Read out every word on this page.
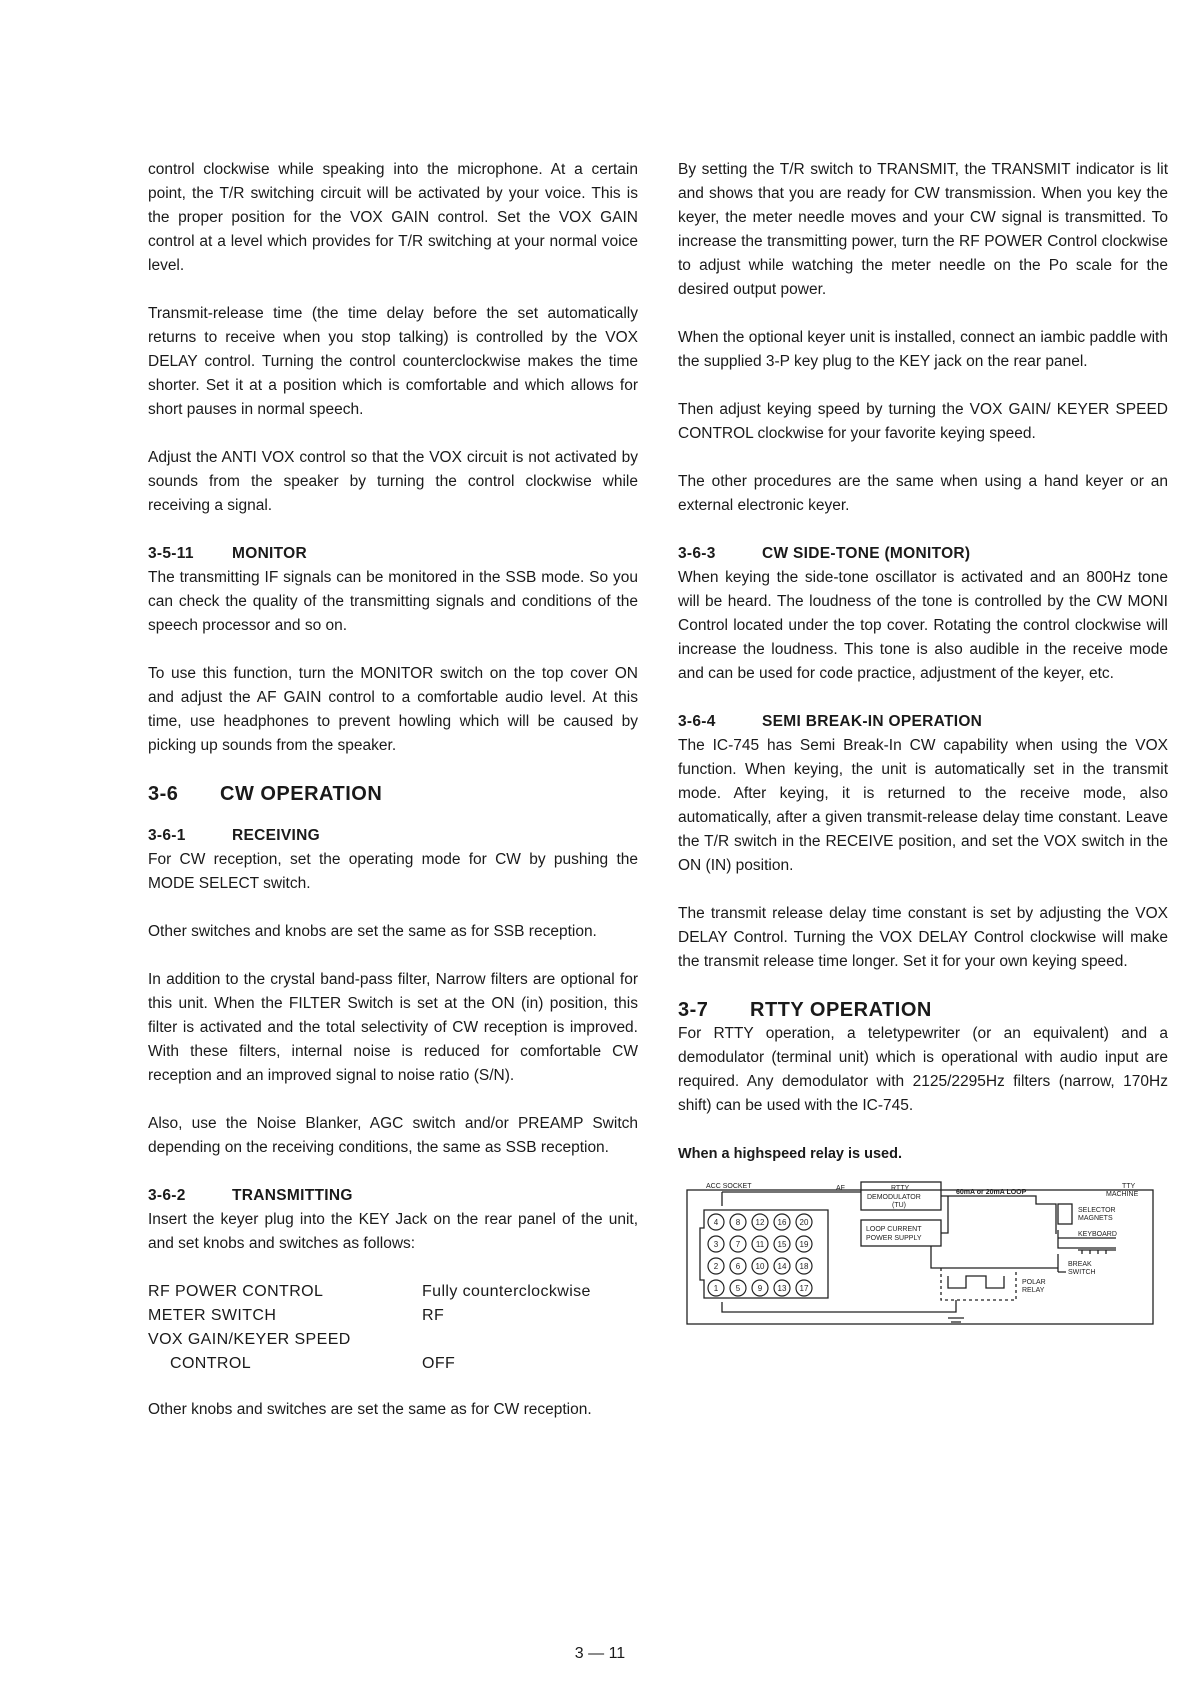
control clockwise while speaking into the microphone. At a certain point, the T/R switching circuit will be activated by your voice. This is the proper position for the VOX GAIN control. Set the VOX GAIN control at a level which provides for T/R switching at your normal voice level.

Transmit-release time (the time delay before the set automatically returns to receive when you stop talking) is controlled by the VOX DELAY control. Turning the control counterclockwise makes the time shorter. Set it at a position which is comfortable and which allows for short pauses in normal speech.

Adjust the ANTI VOX control so that the VOX circuit is not activated by sounds from the speaker by turning the control clockwise while receiving a signal.

3-5-11 MONITOR

The transmitting IF signals can be monitored in the SSB mode. So you can check the quality of the transmitting signals and conditions of the speech processor and so on.

To use this function, turn the MONITOR switch on the top cover ON and adjust the AF GAIN control to a comfortable audio level. At this time, use headphones to prevent howling which will be caused by picking up sounds from the speaker.

3-6 CW OPERATION
3-6-1	RECEIVING

For CW reception, set the operating mode for CW by pushing the MODE SELECT switch.

Other switches and knobs are set the same as for SSB reception.

In addition to the crystal band-pass filter, Narrow filters are optional for this unit. When the FILTER Switch is set at the ON (in) position, this filter is activated and the total selectivity of CW reception is improved. With these filters, internal noise is reduced for comfortable CW reception and an improved signal to noise ratio (S/N).

Also, use the Noise Blanker, AGC switch and/or PREAMP Switch depending on the receiving conditions, the same as SSB reception.

3-6-2	TRANSMITTING

Insert the keyer plug into the KEY Jack on the rear panel of the unit, and set knobs and switches as follows:

RF POWER CONTROL	Fully counterclockwise
METER SWITCH	RF
VOX GAIN/KEYER SPEED	
CONTROL	OFF

Other knobs and switches are set the same as for CW reception.

By setting the T/R switch to TRANSMIT, the TRANSMIT indicator is lit and shows that you are ready for CW transmission. When you key the keyer, the meter needle moves and your CW signal is transmitted. To increase the transmitting power, turn the RF POWER Control clockwise to adjust while watching the meter needle on the Po scale for the desired output power.

When the optional keyer unit is installed, connect an iambic paddle with the supplied 3-P key plug to the KEY jack on the rear panel.

Then adjust keying speed by turning the VOX GAIN/ KEYER SPEED CONTROL clockwise for your favorite keying speed.

The other procedures are the same when using a hand keyer or an external electronic keyer.

3-6-3	CW SIDE-TONE (MONITOR)

When keying the side-tone oscillator is activated and an 800Hz tone will be heard. The loudness of the tone is controlled by the CW MONI Control located under the top cover. Rotating the control clockwise will increase the loudness. This tone is also audible in the receive mode and can be used for code practice, adjustment of the keyer, etc.

3-6-4	SEMI BREAK-IN OPERATION

The IC-745 has Semi Break-In CW capability when using the VOX function. When keying, the unit is automatically set in the transmit mode. After keying, it is returned to the receive mode, also automatically, after a given transmit-release delay time constant. Leave the T/R switch in the RECEIVE position, and set the VOX switch in the ON (IN) position.

The transmit release delay time constant is set by adjusting the VOX DELAY Control. Turning the VOX DELAY Control clockwise will make the transmit release time longer. Set it for your own keying speed.

3-7 RTTY OPERATION

For RTTY operation, a teletypewriter (or an equivalent) and a demodulator (terminal unit) which is operational with audio input are required. Any demodulator with 2125/2295Hz filters (narrow, 170Hz shift) can be used with the IC-745.

When a highspeed relay is used.
ACC SOCKET	AF	RTTY
DEMODULATOR
(TU)
60mA or 20mA LOOP
LOOP CURRENT
POWER SUPPLY
TTY
MACHINE
SELECTOR
MAGNETS
KEYBOARD
BREAK
SWITCH
POLAR
RELAY
4 8 12 16 20
3 7 11 15 19
2 6 10 14 18
1 5 9 13 17
3 — 11
